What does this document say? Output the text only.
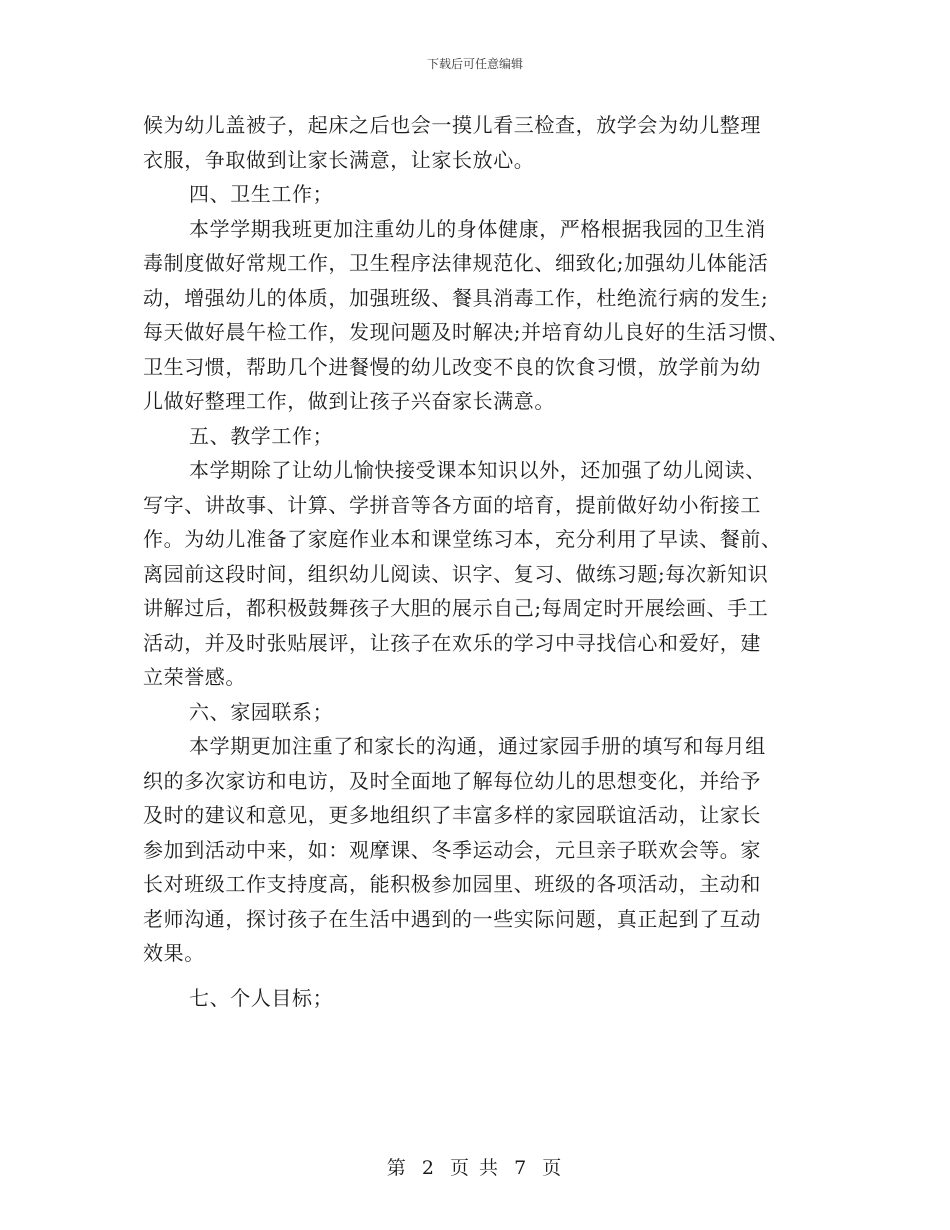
下载后可任意编辑
候为幼儿盖被子，起床之后也会一摸儿看三检查，放学会为幼儿整理
衣服，争取做到让家长满意，让家长放心。
四、卫生工作；
本学学期我班更加注重幼儿的身体健康，严格根据我园的卫生消
毒制度做好常规工作，卫生程序法律规范化、细致化;加强幼儿体能活
动，增强幼儿的体质，加强班级、餐具消毒工作，杜绝流行病的发生;
每天做好晨午检工作，发现问题及时解决;并培育幼儿良好的生活习惯、
卫生习惯，帮助几个进餐慢的幼儿改变不良的饮食习惯，放学前为幼
儿做好整理工作，做到让孩子兴奋家长满意。
五、教学工作；
本学期除了让幼儿愉快接受课本知识以外，还加强了幼儿阅读、
写字、讲故事、计算、学拼音等各方面的培育，提前做好幼小衔接工
作。为幼儿准备了家庭作业本和课堂练习本，充分利用了早读、餐前、
离园前这段时间，组织幼儿阅读、识字、复习、做练习题;每次新知识
讲解过后，都积极鼓舞孩子大胆的展示自己;每周定时开展绘画、手工
活动，并及时张贴展评，让孩子在欢乐的学习中寻找信心和爱好，建
立荣誉感。
六、家园联系；
本学期更加注重了和家长的沟通，通过家园手册的填写和每月组
织的多次家访和电访，及时全面地了解每位幼儿的思想变化，并给予
及时的建议和意见，更多地组织了丰富多样的家园联谊活动，让家长
参加到活动中来，如：观摩课、冬季运动会，元旦亲子联欢会等。家
长对班级工作支持度高，能积极参加园里、班级的各项活动，主动和
老师沟通，探讨孩子在生活中遇到的一些实际问题，真正起到了互动
效果。
七、个人目标；
第 2 页 共 7 页
